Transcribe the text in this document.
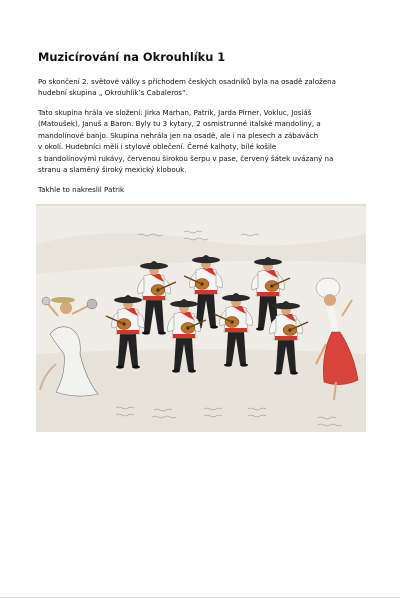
Muzicírování na Okrouhlíku 1

Po skončení 2. světové války s příchodem českých osadníků byla na osadě založena
hudební skupina „ Okrouhlík’s Cabaleros“.

Tato skupina hrála ve složení: Jirka Marhan, Patrik, Jarda Pirner, Vokluc, Josiáš
(Matoušek), Januš a Baron. Byly tu 3 kytary, 2 osmistrunné italské mandolíny, a
mandolínové banjo. Skupina nehrála jen na osadě, ale i na plesech a zábavách
v okolí. Hudebníci měli i stylové oblečení. Černé kalhoty, bílé košile
s bandolínovými rukávy, červenou širokou šerpu v pase, červený šátek uvázaný na
stranu a slaměný široký mexický klobouk.

Takhle to nakreslil Patrik
